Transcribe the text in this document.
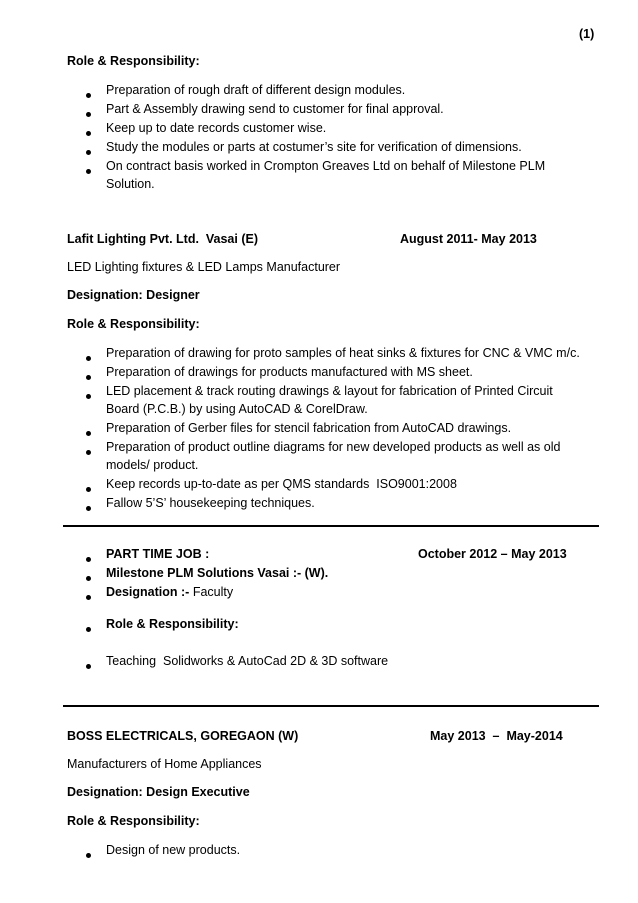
(1)
Role & Responsibility:
Preparation of rough draft of different design modules.
Part & Assembly drawing send to customer for final approval.
Keep up to date records customer wise.
Study the modules or parts at costumer’s site for verification of dimensions.
On contract basis worked in Crompton Greaves Ltd on behalf of Milestone PLM
Solution.
Lafit Lighting Pvt. Ltd.  Vasai (E)	August 2011- May 2013
LED Lighting fixtures & LED Lamps Manufacturer
Designation: Designer
Role & Responsibility:
Preparation of drawing for proto samples of heat sinks & fixtures for CNC & VMC m/c.
Preparation of drawings for products manufactured with MS sheet.
LED placement & track routing drawings & layout for fabrication of Printed Circuit
Board (P.C.B.) by using AutoCAD & CorelDraw.
Preparation of Gerber files for stencil fabrication from AutoCAD drawings.
Preparation of product outline diagrams for new developed products as well as old
models/ product.
Keep records up-to-date as per QMS standards  ISO9001:2008
Fallow 5’S’ housekeeping techniques.
PART TIME JOB :	October 2012 – May 2013
Milestone PLM Solutions Vasai :- (W).
Designation :- Faculty
Role & Responsibility:
Teaching  Solidworks & AutoCad 2D & 3D software
BOSS ELECTRICALS, GOREGAON (W)	May 2013  –  May-2014
Manufacturers of Home Appliances
Designation: Design Executive
Role & Responsibility:
Design of new products.
